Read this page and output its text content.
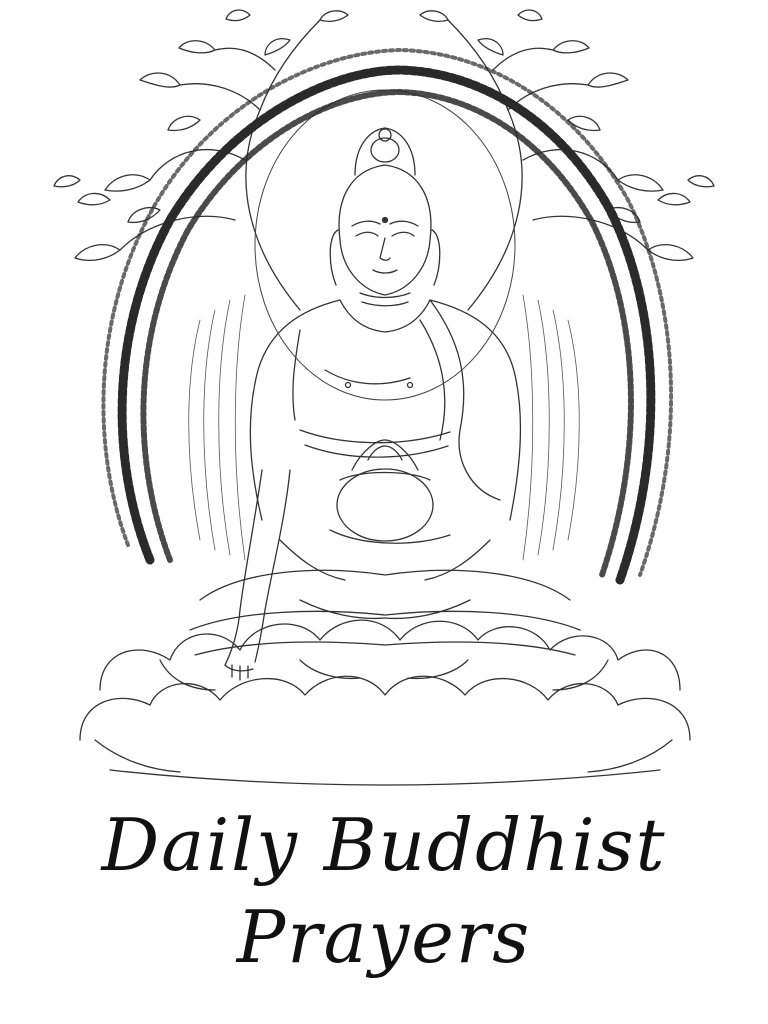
Daily Buddhist
Prayers
